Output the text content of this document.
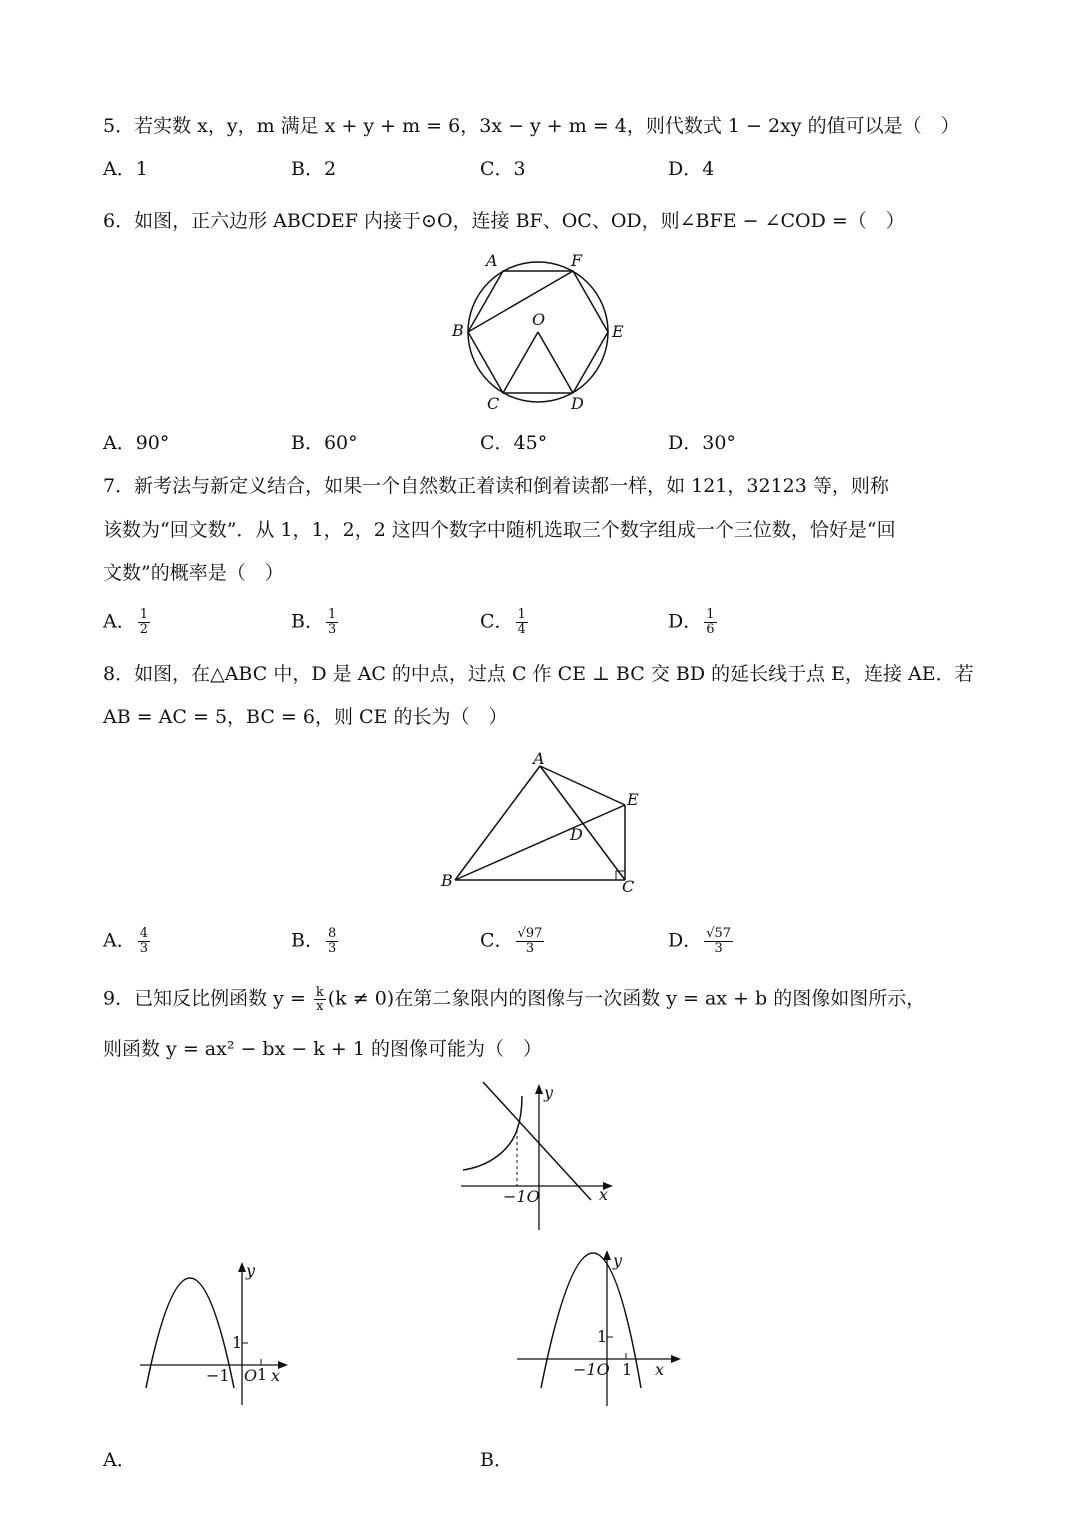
5．若实数 x，y，m 满足 x + y + m = 6，3x − y + m = 4，则代数式 1 − 2xy 的值可以是（　）
A．1	B．2	C．3	D．4
6．如图，正六边形 ABCDEF 内接于⊙O，连接 BF、OC、OD，则∠BFE − ∠COD =（　）
A	F
O
B	E
C	D
A．90°	B．60°	C．45°	D．30°
7．新考法与新定义结合，如果一个自然数正着读和倒着读都一样，如 121，32123 等，则称
该数为“回文数”．从 1，1，2，2 这四个数字中随机选取三个数字组成一个三位数，恰好是“回
文数”的概率是（　）
A． $\frac{1}{2}$	B． $\frac{1}{3}$	C． $\frac{1}{4}$	D． $\frac{1}{6}$
8．如图，在△ABC 中，D 是 AC 的中点，过点 C 作 CE ⊥ BC 交 BD 的延长线于点 E，连接 AE．若
AB = AC = 5，BC = 6，则 CE 的长为（　）
A
E
D
B	C
A． $\frac{4}{3}$	B． $\frac{8}{3}$	C． $\frac{√97}{3}$	D． $\frac{√57}{3}$
9．已知反比例函数 $y = \frac{k}{x} (k \ne 0)$在第二象限内的图像与一次函数 y = ax + b 的图像如图所示，
则函数 y = ax² − bx − k + 1 的图像可能为（　）
y
x
−1O
y
1
−1 O 1 x
A．
y
1
−1O 1 x
B．
